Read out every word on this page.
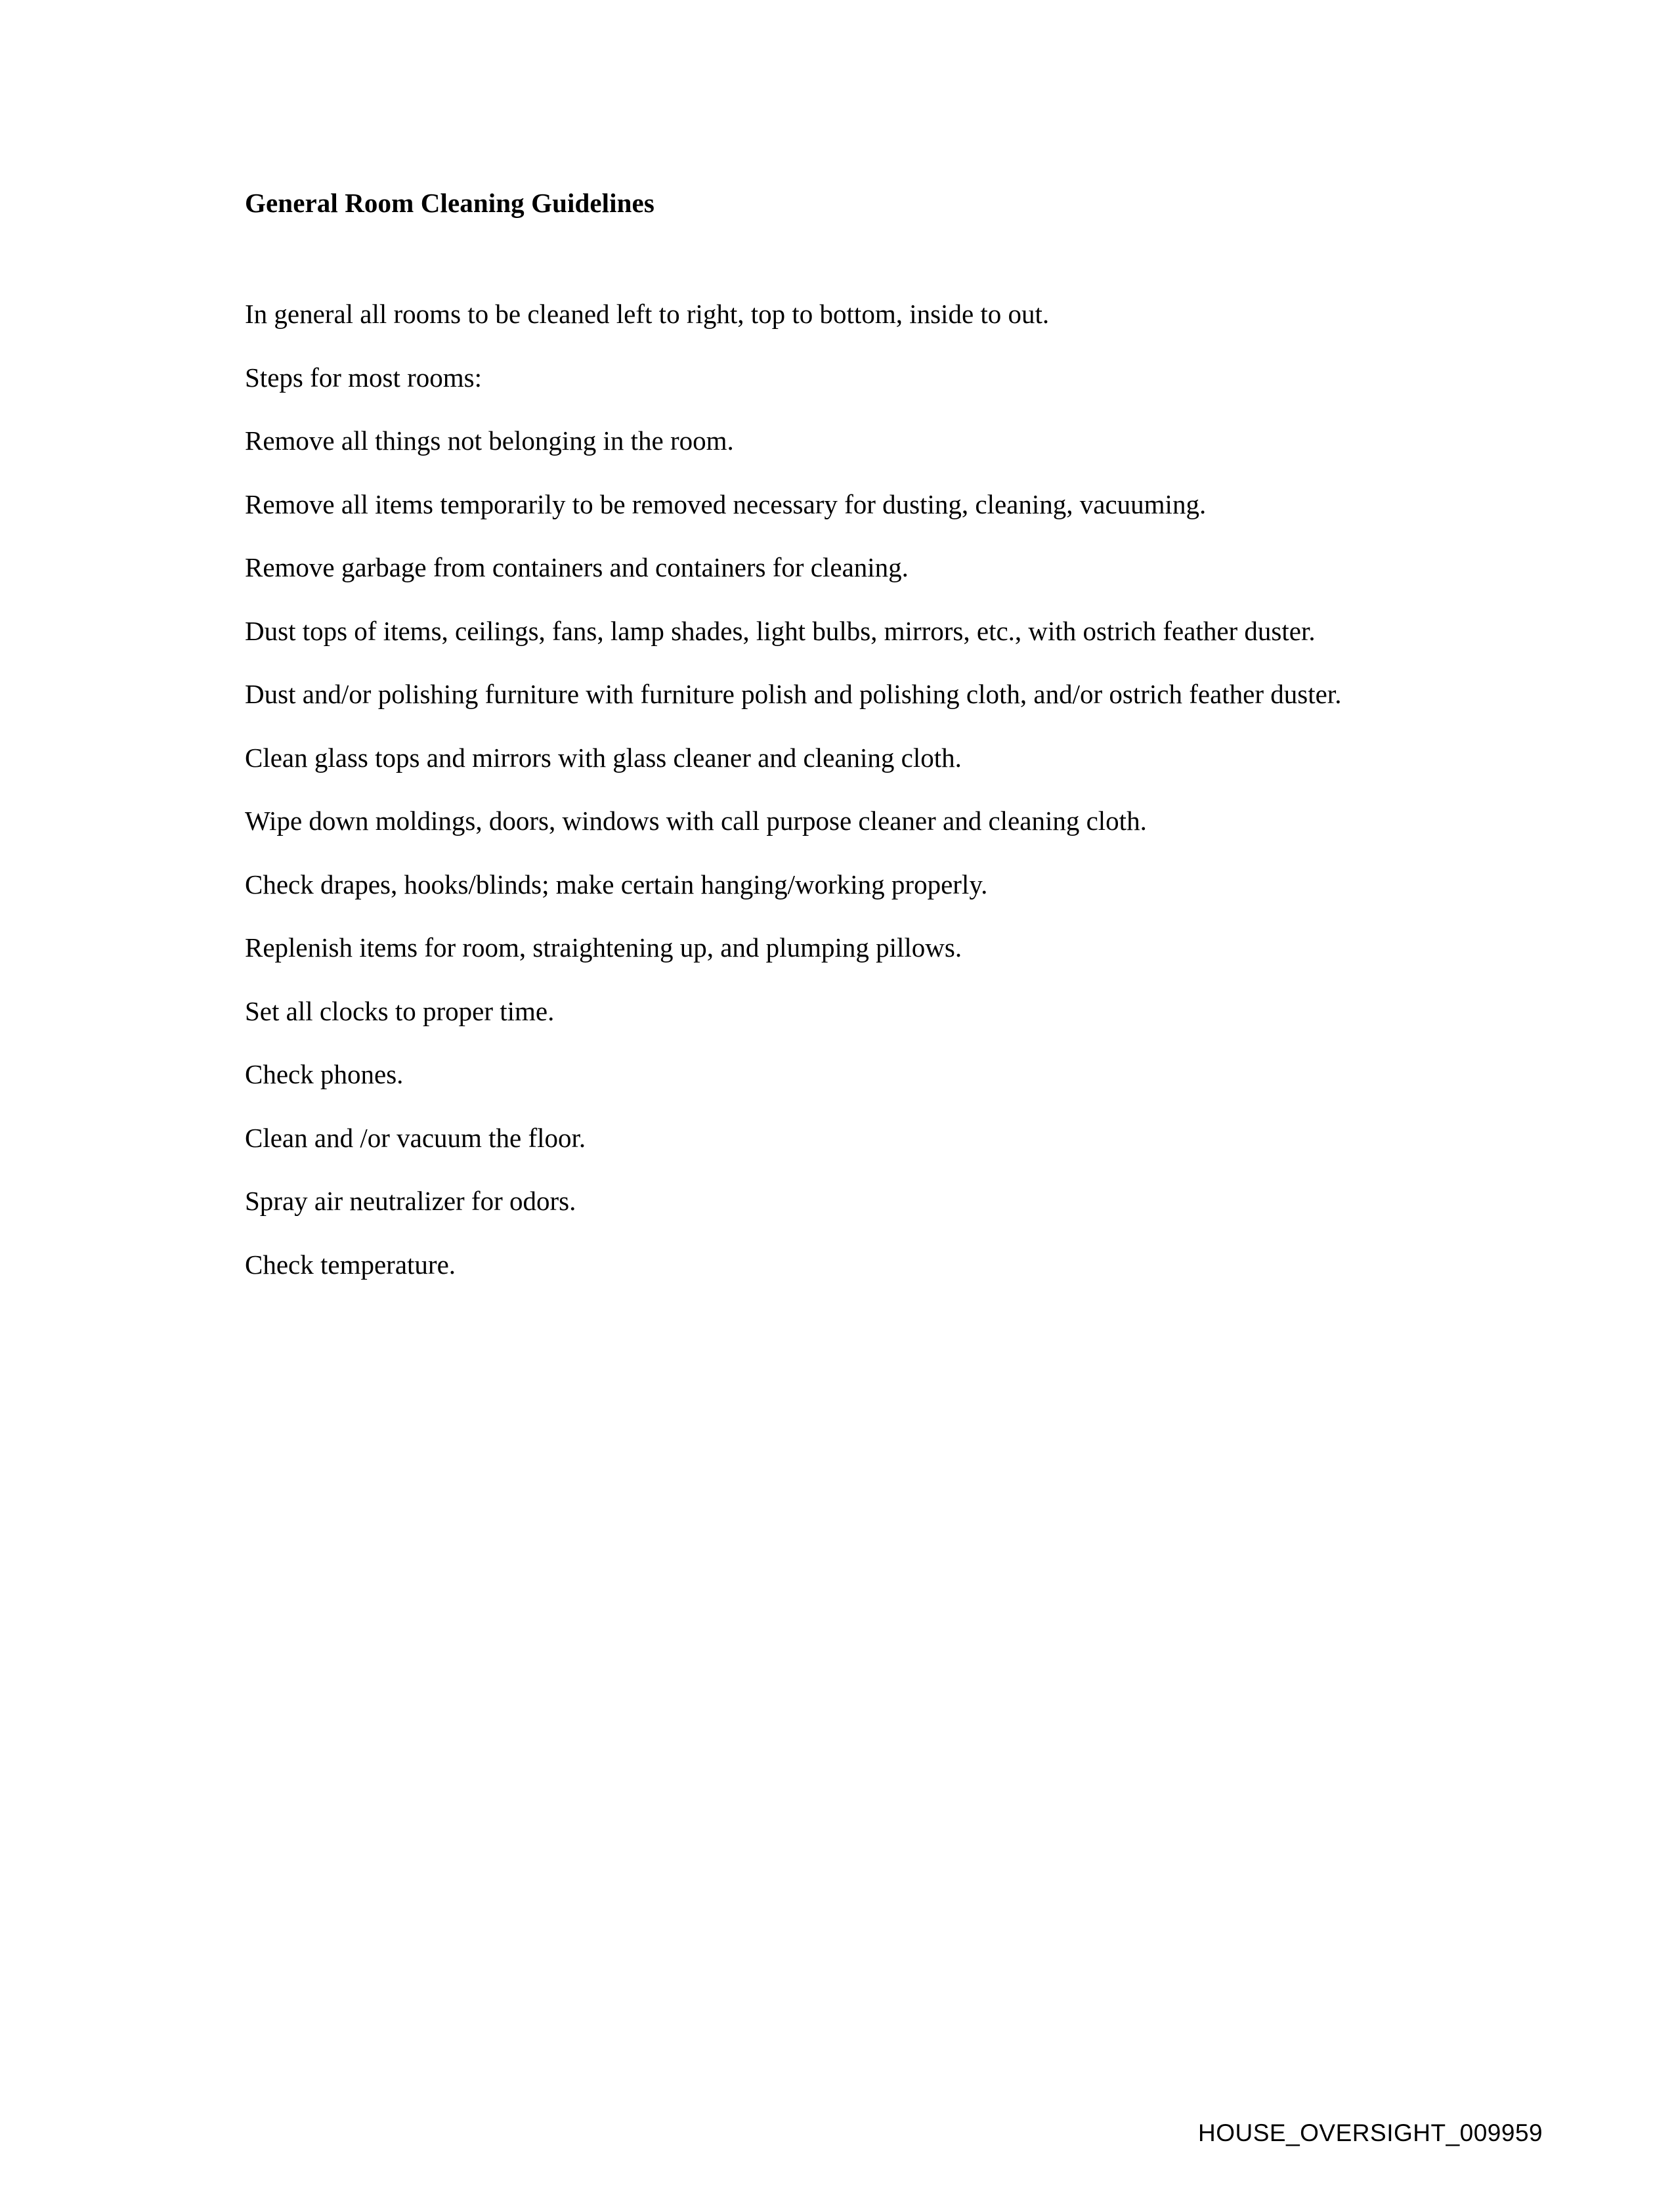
General Room Cleaning Guidelines

In general all rooms to be cleaned left to right, top to bottom, inside to out.

Steps for most rooms:

Remove all things not belonging in the room.

Remove all items temporarily to be removed necessary for dusting, cleaning, vacuuming.

Remove garbage from containers and containers for cleaning.

Dust tops of items, ceilings, fans, lamp shades, light bulbs, mirrors, etc., with ostrich feather duster.

Dust and/or polishing furniture with furniture polish and polishing cloth, and/or ostrich feather duster.

Clean glass tops and mirrors with glass cleaner and cleaning cloth.

Wipe down moldings, doors, windows with call purpose cleaner and cleaning cloth.

Check drapes, hooks/blinds; make certain hanging/working properly.

Replenish items for room, straightening up, and plumping pillows.

Set all clocks to proper time.

Check phones.

Clean and /or vacuum the floor.

Spray air neutralizer for odors.

Check temperature.

HOUSE_OVERSIGHT_009959
